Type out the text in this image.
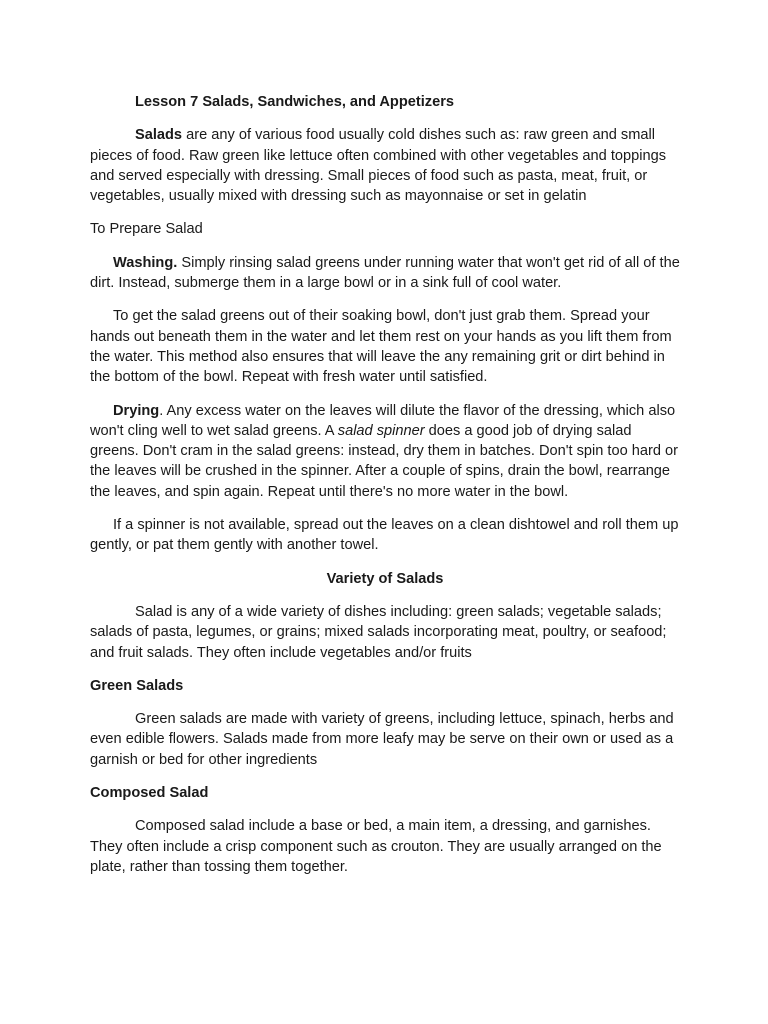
Lesson 7 Salads, Sandwiches, and Appetizers

Salads are any of various food usually cold dishes such as: raw green and small pieces of food. Raw green like lettuce often combined with other vegetables and toppings and served especially with dressing. Small pieces of food such as pasta, meat, fruit, or vegetables, usually mixed with dressing such as mayonnaise or set in gelatin

To Prepare Salad

Washing. Simply rinsing salad greens under running water that won't get rid of all of the dirt. Instead, submerge them in a large bowl or in a sink full of cool water.

To get the salad greens out of their soaking bowl, don't just grab them. Spread your hands out beneath them in the water and let them rest on your hands as you lift them from the water. This method also ensures that will leave the any remaining grit or dirt behind in the bottom of the bowl. Repeat with fresh water until satisfied.

Drying. Any excess water on the leaves will dilute the flavor of the dressing, which also won't cling well to wet salad greens. A salad spinner does a good job of drying salad greens. Don't cram in the salad greens: instead, dry them in batches. Don't spin too hard or the leaves will be crushed in the spinner. After a couple of spins, drain the bowl, rearrange the leaves, and spin again. Repeat until there's no more water in the bowl.

If a spinner is not available, spread out the leaves on a clean dishtowel and roll them up gently, or pat them gently with another towel.

Variety of Salads

Salad is any of a wide variety of dishes including: green salads; vegetable salads; salads of pasta, legumes, or grains; mixed salads incorporating meat, poultry, or seafood; and fruit salads. They often include vegetables and/or fruits

Green Salads

Green salads are made with variety of greens, including lettuce, spinach, herbs and even edible flowers. Salads made from more leafy may be serve on their own or used as a garnish or bed for other ingredients

Composed Salad

Composed salad include a base or bed, a main item, a dressing, and garnishes. They often include a crisp component such as crouton. They are usually arranged on the plate, rather than tossing them together.
